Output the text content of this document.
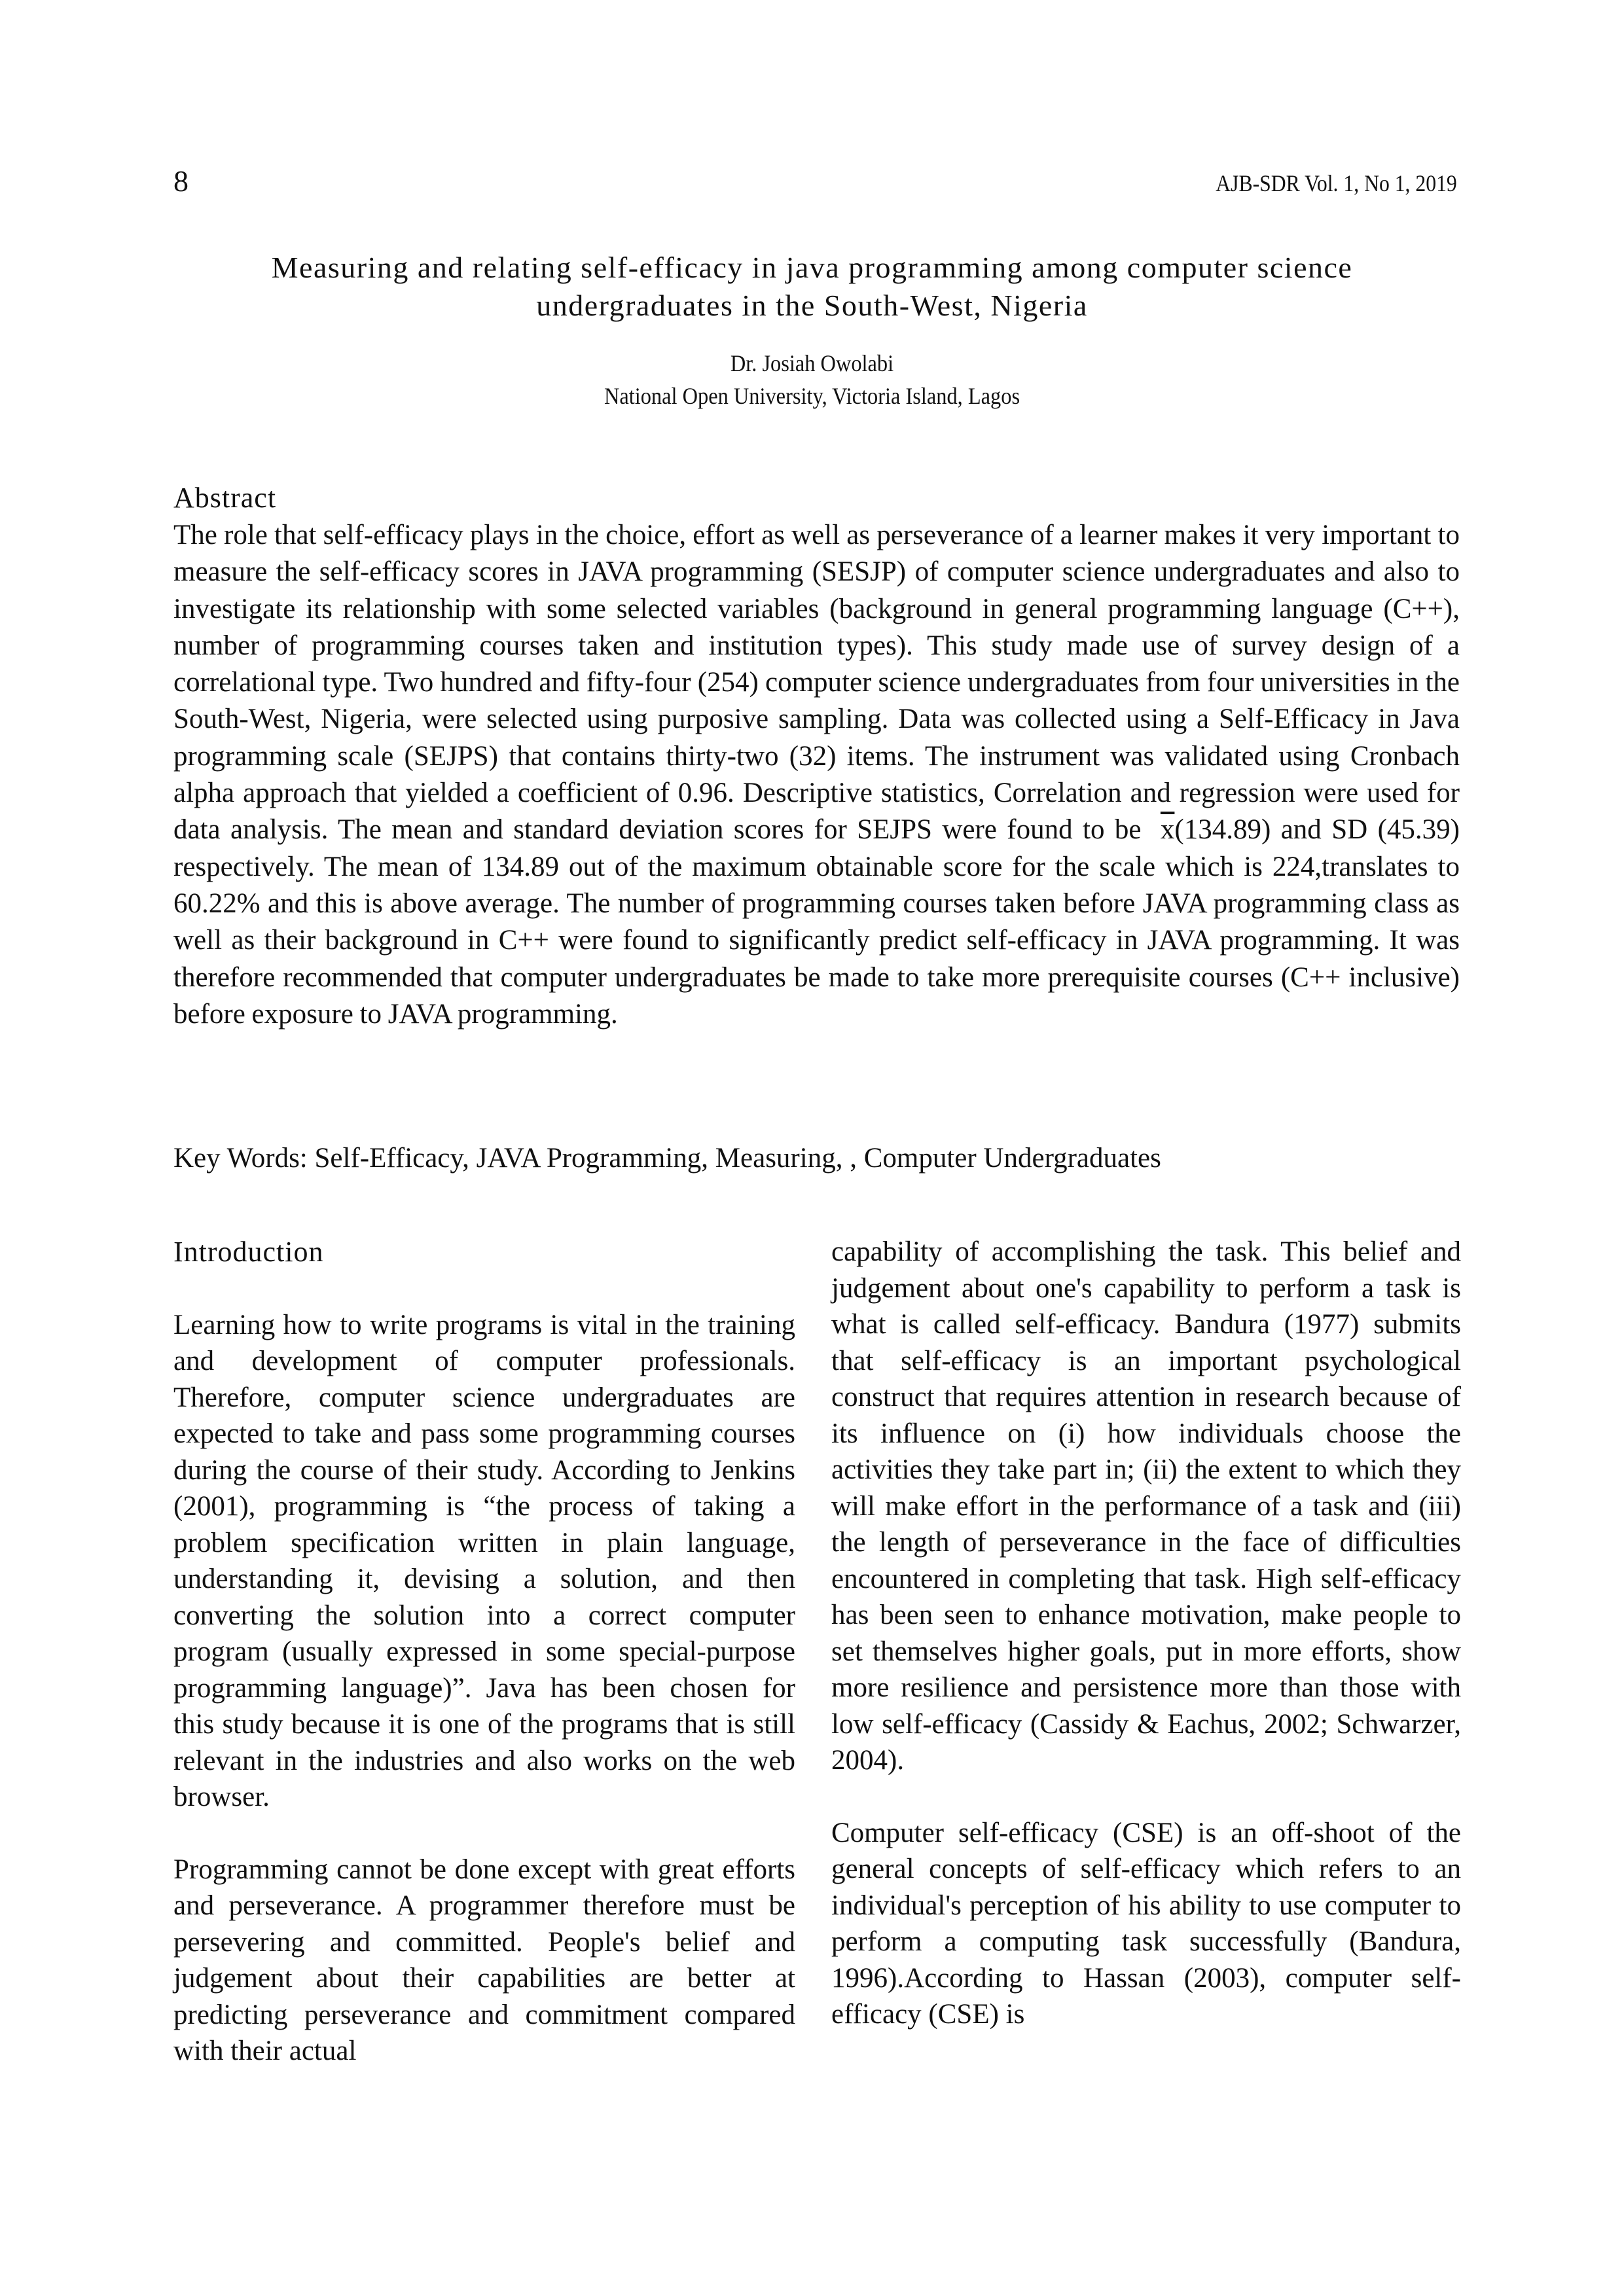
8	AJB-SDR Vol. 1, No 1, 2019
Measuring and relating self-efficacy in java programming among computer science
undergraduates in the South-West, Nigeria
Dr. Josiah Owolabi
National Open University, Victoria Island, Lagos
Abstract
The role that self-efficacy plays in the choice, effort as well as perseverance of a learner makes it very important to measure the self-efficacy scores in JAVA programming (SESJP) of computer science undergraduates and also to investigate its relationship with some selected variables (background in general programming language (C++), number of programming courses taken and institution types). This study made use of survey design of a correlational type. Two hundred and fifty-four (254) computer science undergraduates from four universities in the South-West, Nigeria, were selected using purposive sampling. Data was collected using a Self-Efficacy in Java programming scale (SEJPS) that contains thirty-two (32) items. The instrument was validated using Cronbach alpha approach that yielded a coefficient of 0.96. Descriptive statistics, Correlation and regression were used for data analysis. The mean and standard deviation scores for SEJPS were found to be $\overline{x}(134.89)$ and SD (45.39) respectively. The mean of 134.89 out of the maximum obtainable score for the scale which is 224,translates to 60.22% and this is above average. The number of programming courses taken before JAVA programming class as well as their background in C++ were found to significantly predict self-efficacy in JAVA programming. It was therefore recommended that computer undergraduates be made to take more prerequisite courses (C++ inclusive) before exposure to JAVA programming.
Key Words: Self-Efficacy, JAVA Programming, Measuring, , Computer Undergraduates
Introduction

Learning how to write programs is vital in the training and development of computer professionals. Therefore, computer science undergraduates are expected to take and pass some programming courses during the course of their study. According to Jenkins (2001), programming is “the process of taking a problem specification written in plain language, understanding it, devising a solution, and then converting the solution into a correct computer program (usually expressed in some special-purpose programming language)”. Java has been chosen for this study because it is one of the programs that is still relevant in the industries and also works on the web browser.

Programming cannot be done except with great efforts and perseverance. A programmer therefore must be persevering and committed. People's belief and judgement about their capabilities are better at predicting perseverance and commitment compared with their actual

capability of accomplishing the task. This belief and judgement about one's capability to perform a task is what is called self-efficacy. Bandura (1977) submits that self-efficacy is an important psychological construct that requires attention in research because of its influence on (i) how individuals choose the activities they take part in; (ii) the extent to which they will make effort in the performance of a task and (iii) the length of perseverance in the face of difficulties encountered in completing that task. High self-efficacy has been seen to enhance motivation, make people to set themselves higher goals, put in more efforts, show more resilience and persistence more than those with low self-efficacy (Cassidy & Eachus, 2002; Schwarzer, 2004).

Computer self-efficacy (CSE) is an off-shoot of the general concepts of self-efficacy which refers to an individual's perception of his ability to use computer to perform a computing task successfully (Bandura, 1996).According to Hassan (2003), computer self-efficacy (CSE) is
